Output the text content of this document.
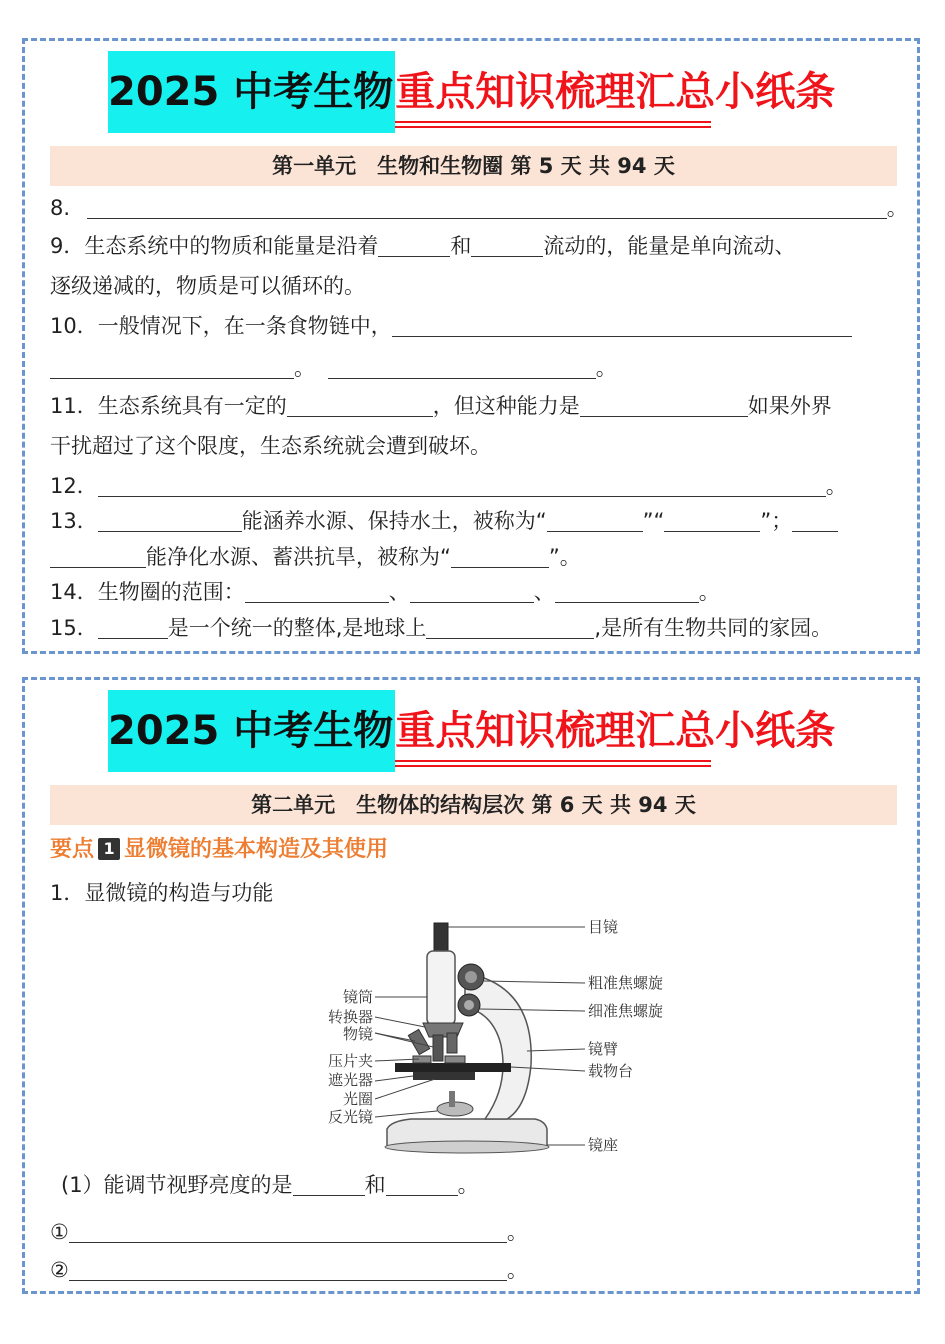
2025 中考生物 重点知识梳理汇总小纸条
第一单元　生物和生物圈 第 5 天 共 94 天
8.	。
9．生态系统中的物质和能量是沿着	和	流动的，能量是单向流动、
逐级递减的，物质是可以循环的。
10．一般情况下，在一条食物链中，
。	。
11．生态系统具有一定的	，但这种能力是	如果外界
干扰超过了这个限度，生态系统就会遭到破坏。
12．	。
13．	能涵养水源、保持水土，被称为“	”“	”；
能净化水源、蓄洪抗旱，被称为“	”。
14．生物圈的范围：	、	、	。
15．	是一个统一的整体,是地球上	,是所有生物共同的家园。
2025 中考生物 重点知识梳理汇总小纸条
第二单元　生物体的结构层次 第 6 天 共 94 天
要点 1 显微镜的基本构造及其使用
1．显微镜的构造与功能
目镜
粗准焦螺旋
细准焦螺旋
镜臂
载物台
镜座
镜筒
转换器
物镜
压片夹
遮光器
光圈
反光镜
(1）能调节视野亮度的是	和	。
①	。
②	。
